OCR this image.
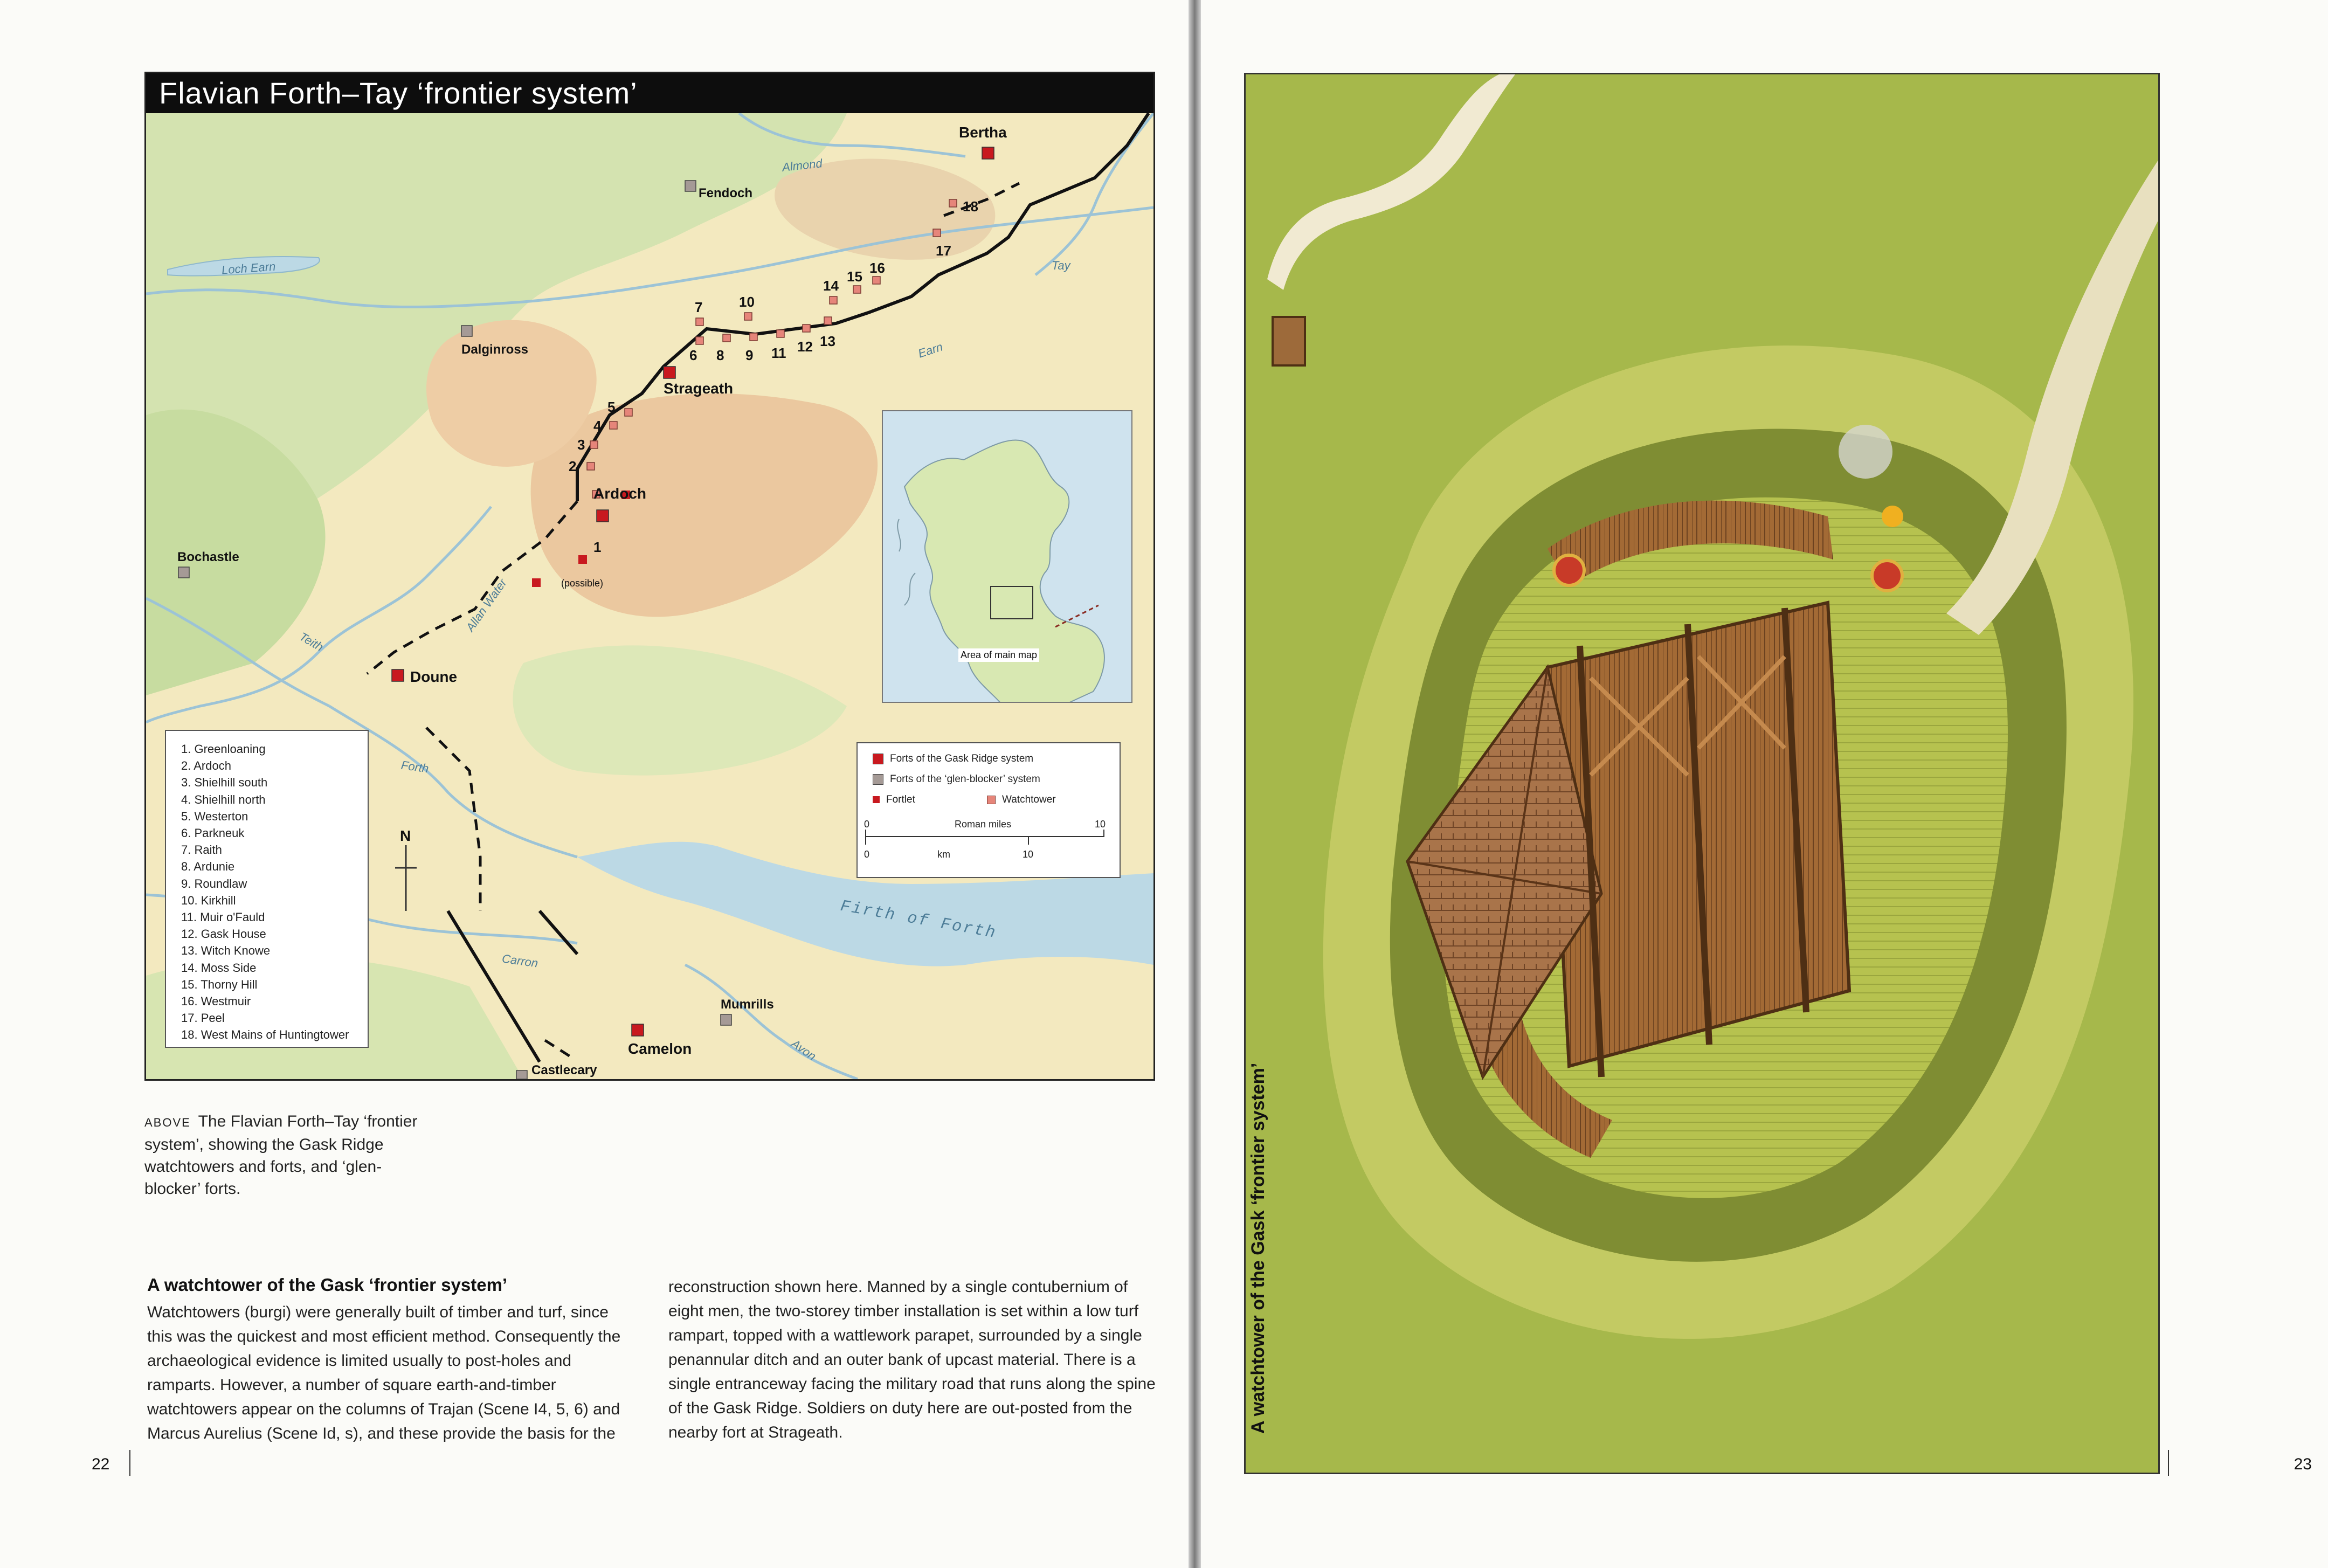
Flavian Forth–Tay ‘frontier system’
Bertha
Fendoch
Dalginross
Strageath
Ardoch
(possible)
Bochastle
Doune
Camelon
Mumrills
Castlecary
Almond
Loch Earn	Tay
Earn
Allan Water
Teith
Forth
Carron
Firth of Forth
Avon
1
2
3
4
5
6
7
8 9
10
11 12 13
14
15
16
17
18
N
1. Greenloaning
2. Ardoch
3. Shielhill south
4. Shielhill north
5. Westerton
6. Parkneuk
7. Raith
8. Ardunie
9. Roundlaw
10. Kirkhill
11. Muir o'Fauld
12. Gask House
13. Witch Knowe
14. Moss Side
15. Thorny Hill
16. Westmuir
17. Peel
18. West Mains of Huntingtower
Forts of the Gask Ridge system
Forts of the ‘glen-blocker’ system
Fortlet	Watchtower
0	Roman miles	10
0	km	10
Area of main map
ABOVE The Flavian Forth–Tay ‘frontier system’, showing the Gask Ridge watchtowers and forts, and ‘glen-blocker’ forts.
A watchtower of the Gask ‘frontier system’
Watchtowers (burgi) were generally built of timber and turf, since this was the quickest and most efficient method. Consequently the archaeological evidence is limited usually to post-holes and ramparts. However, a number of square earth-and-timber watchtowers appear on the columns of Trajan (Scene I4, 5, 6) and Marcus Aurelius (Scene Id, s), and these provide the basis for the
reconstruction shown here. Manned by a single contubernium of eight men, the two-storey timber installation is set within a low turf rampart, topped with a wattlework parapet, surrounded by a single penannular ditch and an outer bank of upcast material. There is a single entranceway facing the military road that runs along the spine of the Gask Ridge. Soldiers on duty here are out-posted from the nearby fort at Strageath.
22
A watchtower of the Gask ‘frontier system’
23
